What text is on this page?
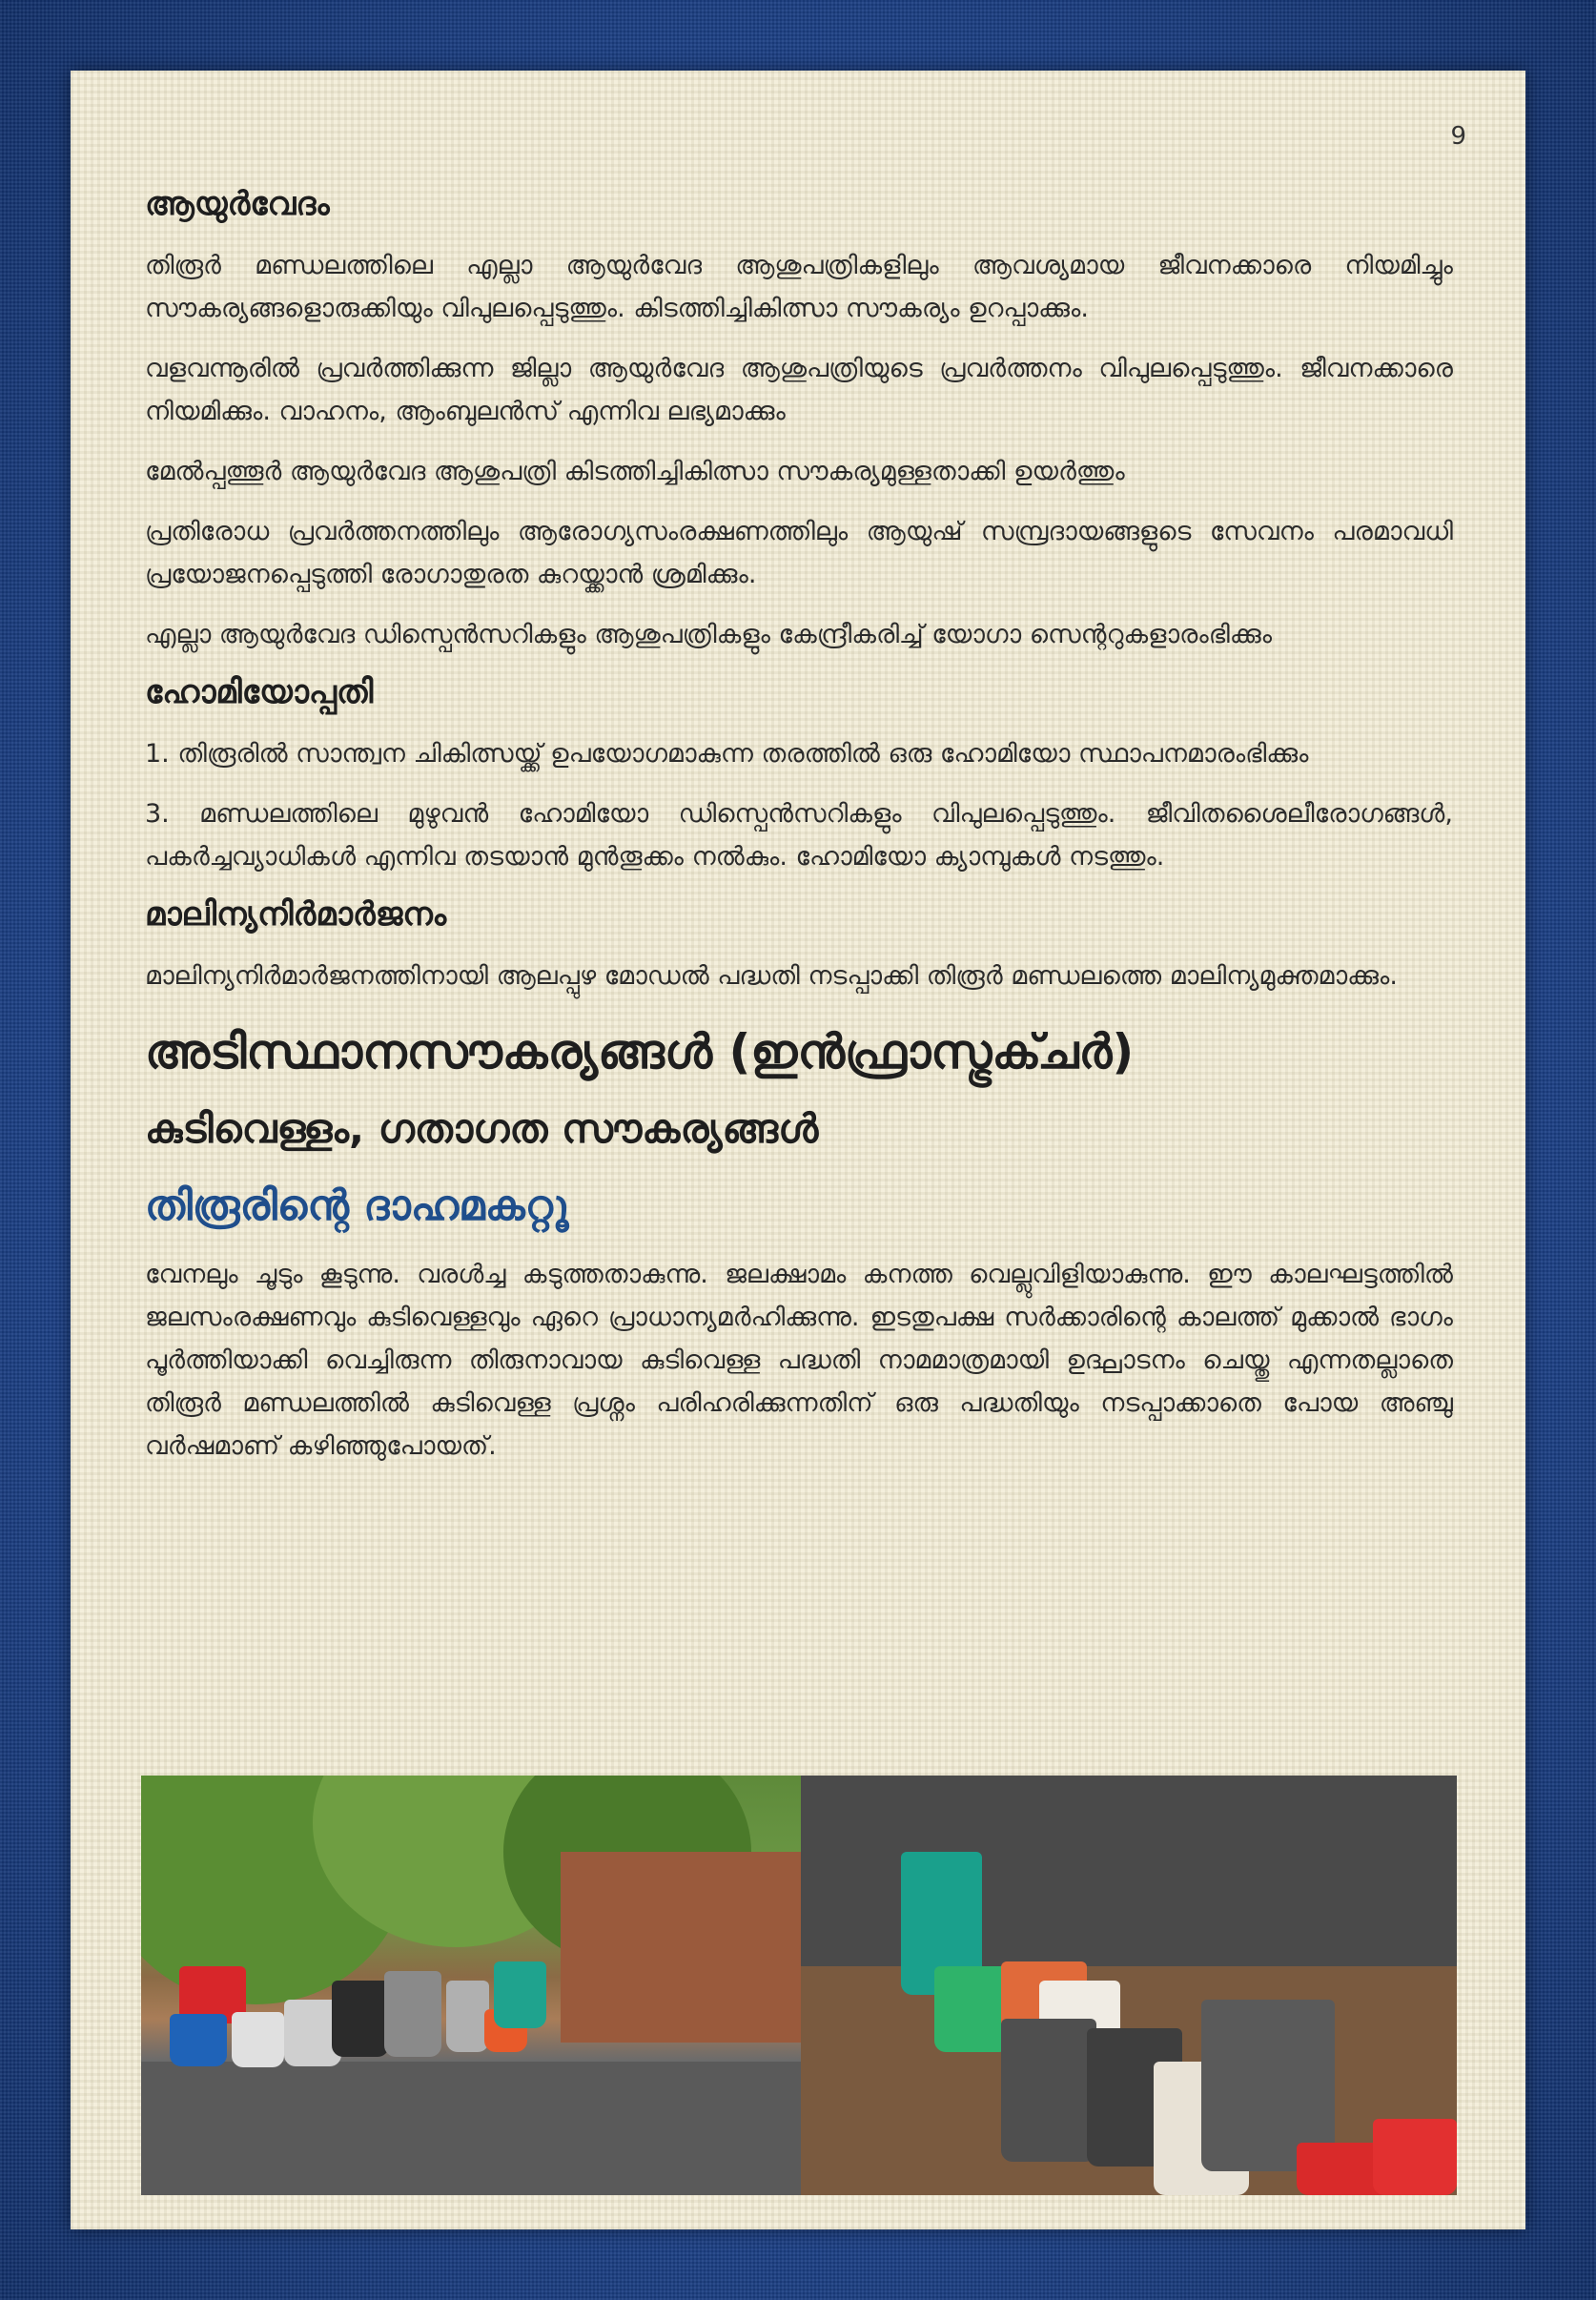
9
ആയുർവേദം

തിരൂർ മണ്ഡലത്തിലെ എല്ലാ ആയുർവേദ ആശുപത്രികളിലും ആവശ്യമായ ജീവനക്കാരെ നിയമിച്ചും സൗകര്യങ്ങളൊരുക്കിയും വിപുലപ്പെടുത്തും. കിടത്തിച്ചികിത്സാ സൗകര്യം ഉറപ്പാക്കും.

വളവന്നൂരിൽ പ്രവർത്തിക്കുന്ന ജില്ലാ ആയുർവേദ ആശുപത്രിയുടെ പ്രവർത്തനം വിപുലപ്പെടുത്തും. ജീവനക്കാരെ നിയമിക്കും. വാഹനം, ആംബുലൻസ് എന്നിവ ലഭ്യമാക്കും

മേൽപ്പത്തൂർ ആയുർവേദ ആശുപത്രി കിടത്തിച്ചികിത്സാ സൗകര്യമുള്ളതാക്കി ഉയർത്തും

പ്രതിരോധ പ്രവർത്തനത്തിലും ആരോഗ്യസംരക്ഷണത്തിലും ആയുഷ് സമ്പ്രദായങ്ങളുടെ സേവനം പരമാവധി പ്രയോജനപ്പെടുത്തി രോഗാതുരത കുറയ്ക്കാൻ ശ്രമിക്കും.

എല്ലാ ആയുർവേദ ഡിസ്പെൻസറികളും ആശുപത്രികളും കേന്ദ്രീകരിച്ച് യോഗാ സെന്ററുകളാരംഭിക്കും

ഹോമിയോപ്പതി

1. തിരൂരിൽ സാന്ത്വന ചികിത്സയ്ക്ക് ഉപയോഗമാകുന്ന തരത്തിൽ ഒരു ഹോമിയോ സ്ഥാപനമാരംഭിക്കും

3. മണ്ഡലത്തിലെ മുഴുവൻ ഹോമിയോ ഡിസ്പെൻസറികളും വിപുലപ്പെടുത്തും. ജീവിതശൈലീരോഗങ്ങൾ, പകർച്ചവ്യാധികൾ എന്നിവ തടയാൻ മുൻതൂക്കം നൽകും. ഹോമിയോ ക്യാമ്പുകൾ നടത്തും.

മാലിന്യനിർമാർജനം

മാലിന്യനിർമാർജനത്തിനായി ആലപ്പുഴ മോഡൽ പദ്ധതി നടപ്പാക്കി തിരൂർ മണ്ഡലത്തെ മാലിന്യമുക്തമാക്കും.

അടിസ്ഥാനസൗകര്യങ്ങൾ (ഇൻഫ്രാസ്ട്രക്ചർ)
കുടിവെള്ളം, ഗതാഗത സൗകര്യങ്ങൾ
തിരൂരിന്റെ ദാഹമകറ്റൂ

വേനലും ചൂടും കൂടുന്നു. വരൾച്ച കടുത്തതാകുന്നു. ജലക്ഷാമം കനത്ത വെല്ലുവിളിയാകുന്നു. ഈ കാലഘട്ടത്തിൽ ജലസംരക്ഷണവും കുടിവെള്ളവും ഏറെ പ്രാധാന്യമർഹിക്കുന്നു. ഇടതുപക്ഷ സർക്കാരിന്റെ കാലത്ത് മുക്കാൽ ഭാഗം പൂർത്തിയാക്കി വെച്ചിരുന്ന തിരുനാവായ കുടിവെള്ള പദ്ധതി നാമമാത്രമായി ഉദ്ഘാടനം ചെയ്തു എന്നതല്ലാതെ തിരൂർ മണ്ഡലത്തിൽ കുടിവെള്ള പ്രശ്നം പരിഹരിക്കുന്നതിന് ഒരു പദ്ധതിയും നടപ്പാക്കാതെ പോയ അഞ്ചു വർഷമാണ് കഴിഞ്ഞുപോയത്.
